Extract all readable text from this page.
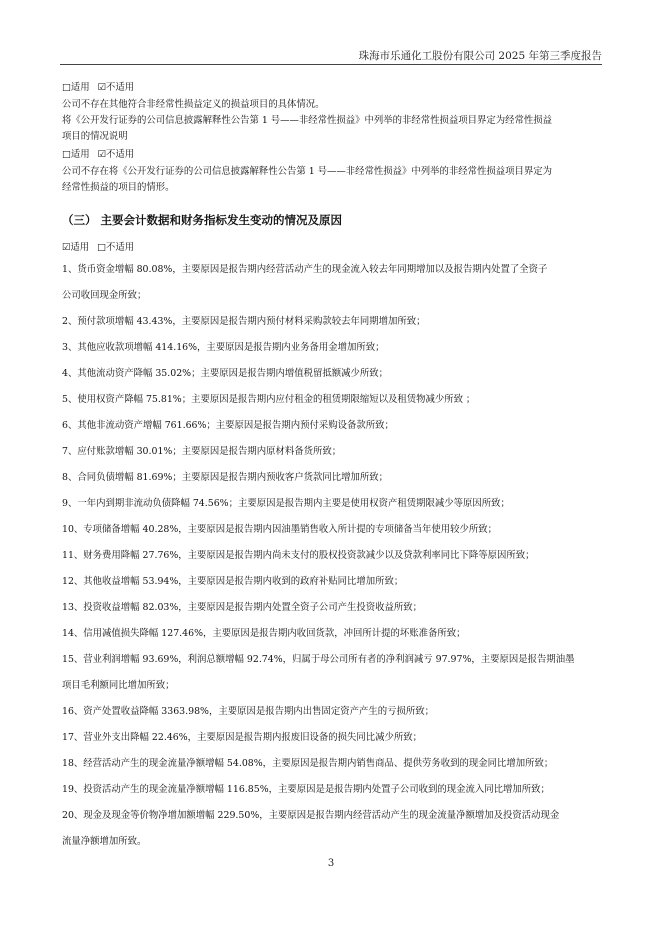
珠海市乐通化工股份有限公司 2025 年第三季度报告
□适用 ☑不适用

公司不存在其他符合非经常性损益定义的损益项目的具体情况。

将《公开发行证券的公司信息披露解释性公告第 1 号——非经常性损益》中列举的非经常性损益项目界定为经常性损益

项目的情况说明

□适用 ☑不适用

公司不存在将《公开发行证券的公司信息披露解释性公告第 1 号——非经常性损益》中列举的非经常性损益项目界定为

经常性损益的项目的情形。

（三） 主要会计数据和财务指标发生变动的情况及原因
☑适用 □不适用

1、货币资金增幅 80.08%，主要原因是报告期内经营活动产生的现金流入较去年同期增加以及报告期内处置了全资子

公司收回现金所致；

2、预付款项增幅 43.43%，主要原因是报告期内预付材料采购款较去年同期增加所致；

3、其他应收款项增幅 414.16%，主要原因是报告期内业务备用金增加所致；

4、其他流动资产降幅 35.02%；主要原因是报告期内增值税留抵额减少所致；

5、使用权资产降幅 75.81%；主要原因是报告期内应付租金的租赁期限缩短以及租赁物减少所致 ；

6、其他非流动资产增幅 761.66%；主要原因是报告期内预付采购设备款所致；

7、应付账款增幅 30.01%；主要原因是报告期内原材料备货所致；

8、合同负债增幅 81.69%；主要原因是报告期内预收客户货款同比增加所致；

9、一年内到期非流动负债降幅 74.56%；主要原因是报告期内主要是使用权资产租赁期限减少等原因所致；

10、专项储备增幅 40.28%，主要原因是报告期内因油墨销售收入所计提的专项储备当年使用较少所致；

11、财务费用降幅 27.76%，主要原因是报告期内尚未支付的股权投资款减少以及贷款利率同比下降等原因所致；

12、其他收益增幅 53.94%，主要原因是报告期内收到的政府补贴同比增加所致；

13、投资收益增幅 82.03%，主要原因是报告期内处置全资子公司产生投资收益所致；

14、信用减值损失降幅 127.46%，主要原因是报告期内收回货款，冲回所计提的坏账准备所致；

15、营业利润增幅 93.69%，利润总额增幅 92.74%，归属于母公司所有者的净利润减亏 97.97%，主要原因是报告期油墨

项目毛利额同比增加所致；

16、资产处置收益降幅 3363.98%，主要原因是报告期内出售固定资产产生的亏损所致；

17、营业外支出降幅 22.46%，主要原因是报告期内报废旧设备的损失同比减少所致；

18、经营活动产生的现金流量净额增幅 54.08%，主要原因是报告期内销售商品、提供劳务收到的现金同比增加所致；

19、投资活动产生的现金流量净额增幅 116.85%，主要原因是是报告期内处置子公司收到的现金流入同比增加所致；

20、现金及现金等价物净增加额增幅 229.50%，主要原因是报告期内经营活动产生的现金流量净额增加及投资活动现金

流量净额增加所致。

3
